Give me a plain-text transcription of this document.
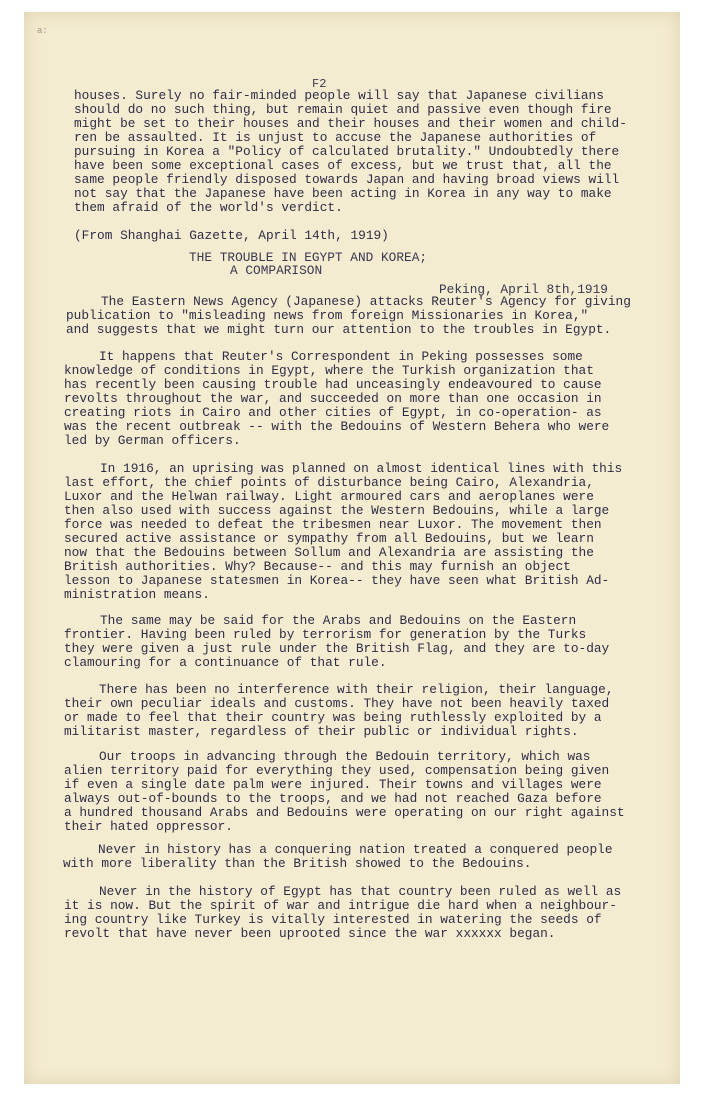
a:
F2
houses. Surely no fair-minded people will say that Japanese civilians
should do no such thing, but remain quiet and passive even though fire
might be set to their houses and their houses and their women and child-
ren be assaulted. It is unjust to accuse the Japanese authorities of
pursuing in Korea a "Policy of calculated brutality." Undoubtedly there
have been some exceptional cases of excess, but we trust that, all the
same people friendly disposed towards Japan and having broad views will
not say that the Japanese have been acting in Korea in any way to make
them afraid of the world's verdict.
(From Shanghai Gazette, April 14th, 1919)
THE TROUBLE IN EGYPT AND KOREA;
A COMPARISON
Peking, April 8th,1919
The Eastern News Agency (Japanese) attacks Reuter's Agency for giving
publication to "misleading news from foreign Missionaries in Korea,"
and suggests that we might turn our attention to the troubles in Egypt.
It happens that Reuter's Correspondent in Peking possesses some
knowledge of conditions in Egypt, where the Turkish organization that
has recently been causing trouble had unceasingly endeavoured to cause
revolts throughout the war, and succeeded on more than one occasion in
creating riots in Cairo and other cities of Egypt, in co-operation- as
was the recent outbreak -- with the Bedouins of Western Behera who were
led by German officers.
In 1916, an uprising was planned on almost identical lines with this
last effort, the chief points of disturbance being Cairo, Alexandria,
Luxor and the Helwan railway. Light armoured cars and aeroplanes were
then also used with success against the Western Bedouins, while a large
force was needed to defeat the tribesmen near Luxor. The movement then
secured active assistance or sympathy from all Bedouins, but we learn
now that the Bedouins between Sollum and Alexandria are assisting the
British authorities. Why? Because-- and this may furnish an object
lesson to Japanese statesmen in Korea-- they have seen what British Ad-
ministration means.
The same may be said for the Arabs and Bedouins on the Eastern
frontier. Having been ruled by terrorism for generation by the Turks
they were given a just rule under the British Flag, and they are to-day
clamouring for a continuance of that rule.
There has been no interference with their religion, their language,
their own peculiar ideals and customs. They have not been heavily taxed
or made to feel that their country was being ruthlessly exploited by a
militarist master, regardless of their public or individual rights.
Our troops in advancing through the Bedouin territory, which was
alien territory paid for everything they used, compensation being given
if even a single date palm were injured. Their towns and villages were
always out-of-bounds to the troops, and we had not reached Gaza before
a hundred thousand Arabs and Bedouins were operating on our right against
their hated oppressor.
Never in history has a conquering nation treated a conquered people
with more liberality than the British showed to the Bedouins.
Never in the history of Egypt has that country been ruled as well as
it is now. But the spirit of war and intrigue die hard when a neighbour-
ing country like Turkey is vitally interested in watering the seeds of
revolt that have never been uprooted since the war xxxxxx began.
